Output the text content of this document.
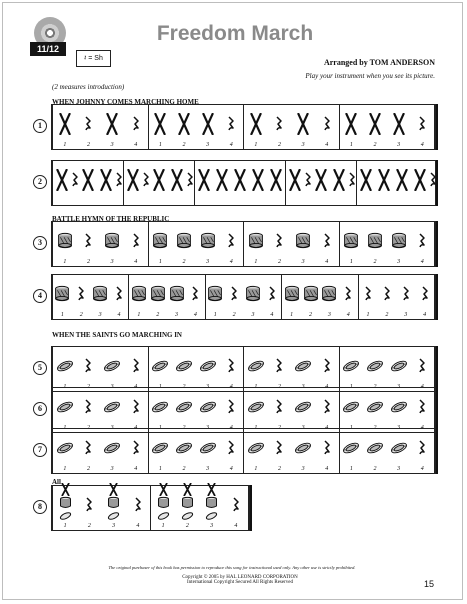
11/12
𝄽 = Sh
Freedom March
Arranged by TOM ANDERSON
Play your instrument when you see its picture.
(2 measures introduction)
WHEN JOHNNY COMES MARCHING HOME
BATTLE HYMN OF THE REPUBLIC
WHEN THE SAINTS GO MARCHING IN
All
1
1	2	3	4	1	2	3	4	1	2	3	4	1	2	3	4
2
3
1	2	3	4	1	2	3	4	1	2	3	4	1	2	3	4
4
1	2	3	4	1	2	3	4	1	2	3	4	1	2	3	4	1	2	3	4
5
1	2	3	4	1	2	3	4	1	2	3	4	1	2	3	4
6
1	2	3	4	1	2	3	4	1	2	3	4	1	2	3	4
7
1	2	3	4	1	2	3	4	1	2	3	4	1	2	3	4
8
1	2	3	4	1	2	3	4
The original purchaser of this book has permission to reproduce this song for instructional used only. Any other use is strictly prohibited.
Copyright © 2005 by HAL LEONARD CORPORATION
International Copyright Secured All Rights Reserved	15
